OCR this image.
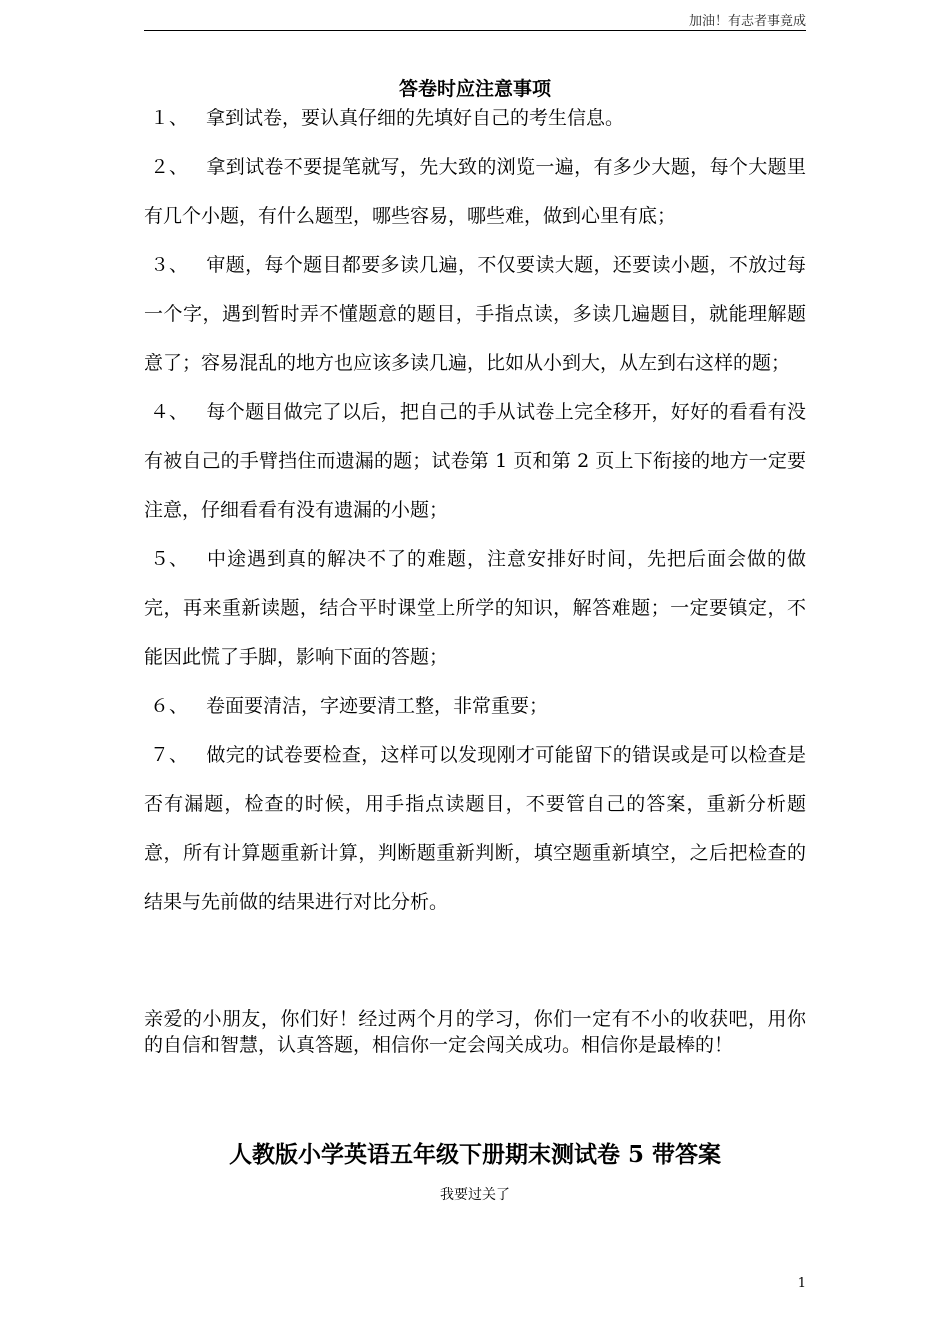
加油！有志者事竟成
答卷时应注意事项

１、 拿到试卷，要认真仔细的先填好自己的考生信息。

２、 拿到试卷不要提笔就写，先大致的浏览一遍，有多少大题，每个大题里有几个小题，有什么题型，哪些容易，哪些难，做到心里有底；

３、 审题，每个题目都要多读几遍，不仅要读大题，还要读小题，不放过每一个字，遇到暂时弄不懂题意的题目，手指点读，多读几遍题目，就能理解题意了；容易混乱的地方也应该多读几遍，比如从小到大，从左到右这样的题；

４、 每个题目做完了以后，把自己的手从试卷上完全移开，好好的看看有没有被自己的手臂挡住而遗漏的题；试卷第 1 页和第 2 页上下衔接的地方一定要注意，仔细看看有没有遗漏的小题；

５、 中途遇到真的解决不了的难题，注意安排好时间，先把后面会做的做完，再来重新读题，结合平时课堂上所学的知识，解答难题；一定要镇定，不能因此慌了手脚，影响下面的答题；

６、 卷面要清洁，字迹要清工整，非常重要；

７、 做完的试卷要检查，这样可以发现刚才可能留下的错误或是可以检查是否有漏题，检查的时候，用手指点读题目，不要管自己的答案，重新分析题意，所有计算题重新计算，判断题重新判断，填空题重新填空，之后把检查的结果与先前做的结果进行对比分析。

亲爱的小朋友，你们好！经过两个月的学习，你们一定有不小的收获吧，用你的自信和智慧，认真答题，相信你一定会闯关成功。相信你是最棒的！
人教版小学英语五年级下册期末测试卷 5 带答案
我要过关了
1
